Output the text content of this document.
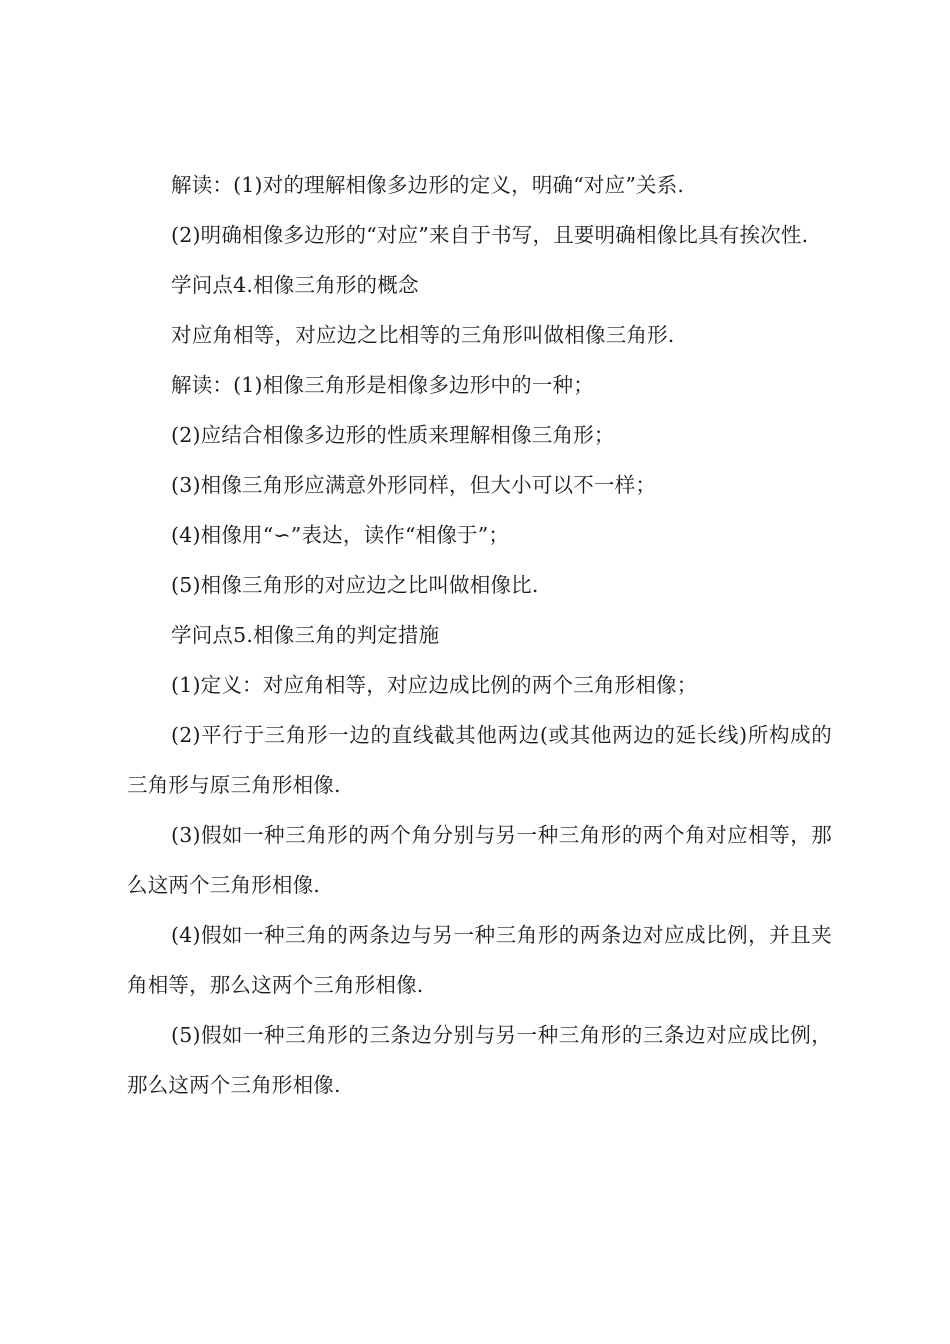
解读：(1)对的理解相像多边形的定义，明确“对应”关系.

(2)明确相像多边形的“对应”来自于书写，且要明确相像比具有挨次性.

学问点4.相像三角形的概念

对应角相等，对应边之比相等的三角形叫做相像三角形.

解读：(1)相像三角形是相像多边形中的一种；

(2)应结合相像多边形的性质来理解相像三角形；

(3)相像三角形应满意外形同样，但大小可以不一样；

(4)相像用“∽”表达，读作“相像于”；

(5)相像三角形的对应边之比叫做相像比.

学问点5.相像三角的判定措施

(1)定义：对应角相等，对应边成比例的两个三角形相像；

(2)平行于三角形一边的直线截其他两边(或其他两边的延长线)所构成的三角形与原三角形相像.

(3)假如一种三角形的两个角分别与另一种三角形的两个角对应相等，那么这两个三角形相像.

(4)假如一种三角的两条边与另一种三角形的两条边对应成比例，并且夹角相等，那么这两个三角形相像.

(5)假如一种三角形的三条边分别与另一种三角形的三条边对应成比例，那么这两个三角形相像.
